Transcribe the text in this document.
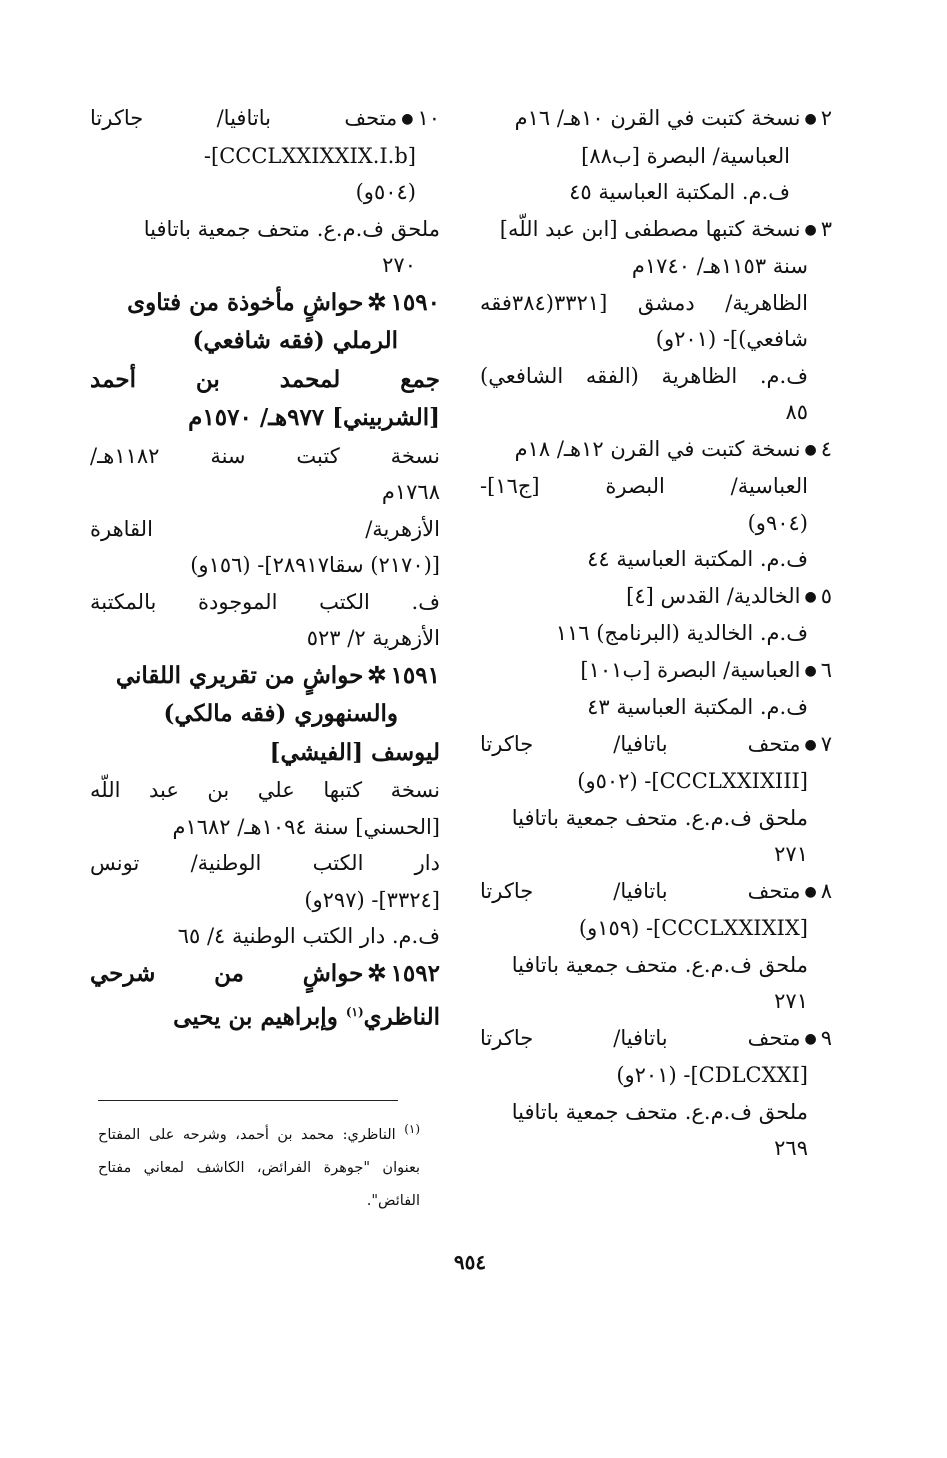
٢●نسخة كتبت في القرن ١٠هـ/ ١٦م
العباسية/ البصرة [ب٨٨]
ف.م. المكتبة العباسية ٤٥
٣●نسخة كتبها مصطفى [ابن عبد اللّه]
سنة ١١٥٣هـ/ ١٧٤٠م
الظاهرية/ دمشق [٣٣٢١(٣٨٤فقه
شافعي)]- (٢٠١و)
ف.م. الظاهرية (الفقه الشافعي)
٨٥
٤●نسخة كتبت في القرن ١٢هـ/ ١٨م
العباسية/ البصرة [ج١٦]-
(٩٠٤و)
ف.م. المكتبة العباسية ٤٤
٥●الخالدية/ القدس [٤]
ف.م. الخالدية (البرنامج) ١١٦
٦●العباسية/ البصرة [ب١٠١]
ف.م. المكتبة العباسية ٤٣
٧●متحف باتافيا/ جاكرتا
[CCCLXXIXIII]- (٥٠٢و)
ملحق ف.م.ع. متحف جمعية باتافيا
٢٧١
٨●متحف باتافيا/ جاكرتا
[CCCLXXIXIX]- (١٥٩و)
ملحق ف.م.ع. متحف جمعية باتافيا
٢٧١
٩●متحف باتافيا/ جاكرتا
[CDLCXXI]- (٢٠١و)
ملحق ف.م.ع. متحف جمعية باتافيا
٢٦٩
١٠●متحف باتافيا/ جاكرتا
[CCCLXXIXXIX.I.b]-
(٥٠٤و)
ملحق ف.م.ع. متحف جمعية باتافيا
٢٧٠
١٥٩٠✲حواشٍ مأخوذة من فتاوى
الرملي (فقه شافعي)
جمع لمحمد بن أحمد
[الشربيني] ٩٧٧هـ/ ١٥٧٠م
نسخة كتبت سنة ١١٨٢هـ/
١٧٦٨م
الأزهرية/ القاهرة
[(٢١٧٠) سقا٢٨٩١٧]- (١٥٦و)
ف. الكتب الموجودة بالمكتبة
الأزهرية ٢/ ٥٢٣
١٥٩١✲حواشٍ من تقريري اللقاني
والسنهوري (فقه مالكي)
ليوسف [الفيشي]
نسخة كتبها علي بن عبد اللّه
[الحسني] سنة ١٠٩٤هـ/ ١٦٨٢م
دار الكتب الوطنية/ تونس
[٣٣٢٤]- (٢٩٧و)
ف.م. دار الكتب الوطنية ٤/ ٦٥
١٥٩٢✲حواشٍ من شرحي
الناظري$^{(١)}$ وإبراهيم بن يحيى
$^{(١)}$ الناظري: محمد بن أحمد، وشرحه على المفتاح بعنوان "جوهرة الفرائض، الكاشف لمعاني مفتاح الفائض".
٩٥٤
